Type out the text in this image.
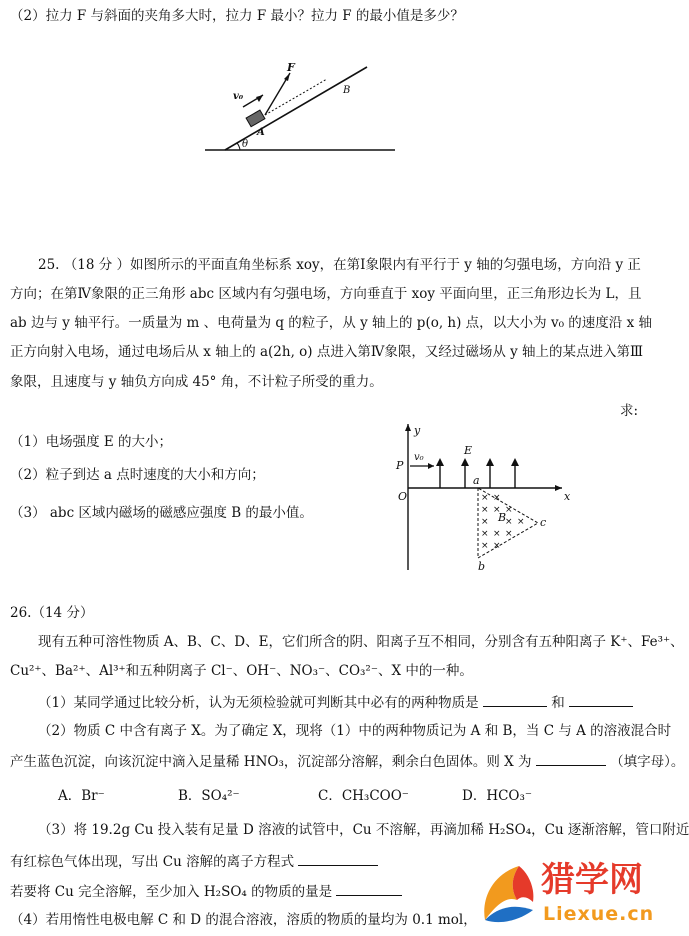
（2）拉力 F 与斜面的夹角多大时，拉力 F 最小？拉力 F 的最小值是多少？
F
v₀
B
A
θ
25. （18 分 ）如图所示的平面直角坐标系 xoy，在第Ⅰ象限内有平行于 y 轴的匀强电场，方向沿 y 正
方向；在第Ⅳ象限的正三角形 abc 区域内有匀强电场，方向垂直于 xoy 平面向里，正三角形边长为 L，且
ab 边与 y 轴平行。一质量为 m 、电荷量为 q 的粒子，从 y 轴上的 p(o, h) 点，以大小为 v₀ 的速度沿 x 轴
正方向射入电场，通过电场后从 x 轴上的 a(2h, o) 点进入第Ⅳ象限，又经过磁场从 y 轴上的某点进入第Ⅲ
象限，且速度与 y 轴负方向成 45° 角，不计粒子所受的重力。
求:
（1）电场强度 E 的大小；
（2）粒子到达 a 点时速度的大小和方向；
（3） abc 区域内磁场的磁感应强度 B 的最小值。
× ×
× × ×
× × ×
× × ×
× ×
y
E
P
v₀
O
a
x
B	c
b
26.（14 分）
现有五种可溶性物质 A、B、C、D、E，它们所含的阴、阳离子互不相同，分别含有五种阳离子 K⁺、Fe³⁺、
Cu²⁺、Ba²⁺、Al³⁺和五种阴离子 Cl⁻、OH⁻、NO₃⁻、CO₃²⁻、X 中的一种。
（1）某同学通过比较分析，认为无须检验就可判断其中必有的两种物质是	和
（2）物质 C 中含有离子 X。为了确定 X，现将（1）中的两种物质记为 A 和 B，当 C 与 A 的溶液混合时
产生蓝色沉淀，向该沉淀中滴入足量稀 HNO₃，沉淀部分溶解，剩余白色固体。则 X 为	（填字母）。
A．Br⁻	B．SO₄²⁻	C．CH₃COO⁻	D．HCO₃⁻
（3）将 19.2g Cu 投入装有足量 D 溶液的试管中，Cu 不溶解，再滴加稀 H₂SO₄，Cu 逐渐溶解，管口附近
有红棕色气体出现，写出 Cu 溶解的离子方程式
若要将 Cu 完全溶解，至少加入 H₂SO₄ 的物质的量是
（4）若用惰性电极电解 C 和 D 的混合溶液，溶质的物质的量均为 0.1 mol，
猎学网
Liexue.cn
